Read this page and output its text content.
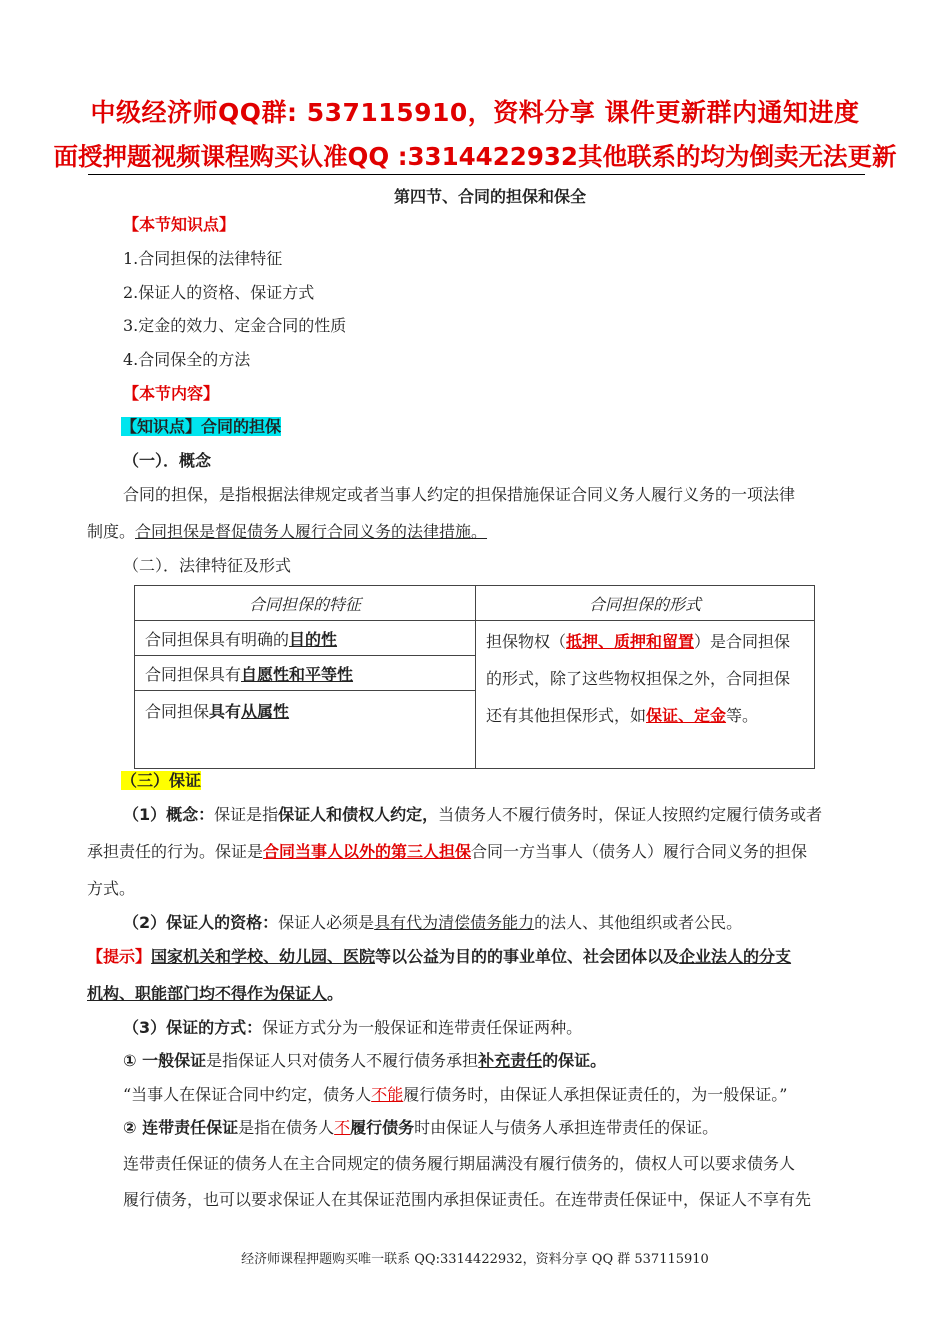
中级经济师QQ群: 537115910，资料分享 课件更新群内通知进度
面授押题视频课程购买认准QQ :3314422932其他联系的均为倒卖无法更新
第四节、合同的担保和保全
【本节知识点】
1.合同担保的法律特征
2.保证人的资格、保证方式
3.定金的效力、定金合同的性质
4.合同保全的方法
【本节内容】
【知识点】合同的担保
（一）．概念
合同的担保，是指根据法律规定或者当事人约定的担保措施保证合同义务人履行义务的一项法律
制度。合同担保是督促债务人履行合同义务的法律措施。
（二）．法律特征及形式
合同担保的特征	合同担保的形式
合同担保具有明确的目的性	担保物权（抵押、质押和留置）是合同担保
的形式，除了这些物权担保之外，合同担保
还有其他担保形式，如保证、定金等。

合同担保具有自愿性和平等性	
合同担保具有从属性	
（三）保证
（1）概念：保证是指保证人和债权人约定，当债务人不履行债务时，保证人按照约定履行债务或者
承担责任的行为。保证是合同当事人以外的第三人担保合同一方当事人（债务人）履行合同义务的担保
方式。
（2）保证人的资格：保证人必须是具有代为清偿债务能力的法人、其他组织或者公民。
【提示】国家机关和学校、幼儿园、医院等以公益为目的的事业单位、社会团体以及企业法人的分支
机构、职能部门均不得作为保证人。
（3）保证的方式：保证方式分为一般保证和连带责任保证两种。
① 一般保证是指保证人只对债务人不履行债务承担补充责任的保证。
“当事人在保证合同中约定，债务人不能履行债务时，由保证人承担保证责任的，为一般保证。”
② 连带责任保证是指在债务人不履行债务时由保证人与债务人承担连带责任的保证。
连带责任保证的债务人在主合同规定的债务履行期届满没有履行债务的，债权人可以要求债务人
履行债务，也可以要求保证人在其保证范围内承担保证责任。在连带责任保证中，保证人不享有先
经济师课程押题购买唯一联系 QQ:3314422932，资料分享 QQ 群 537115910
